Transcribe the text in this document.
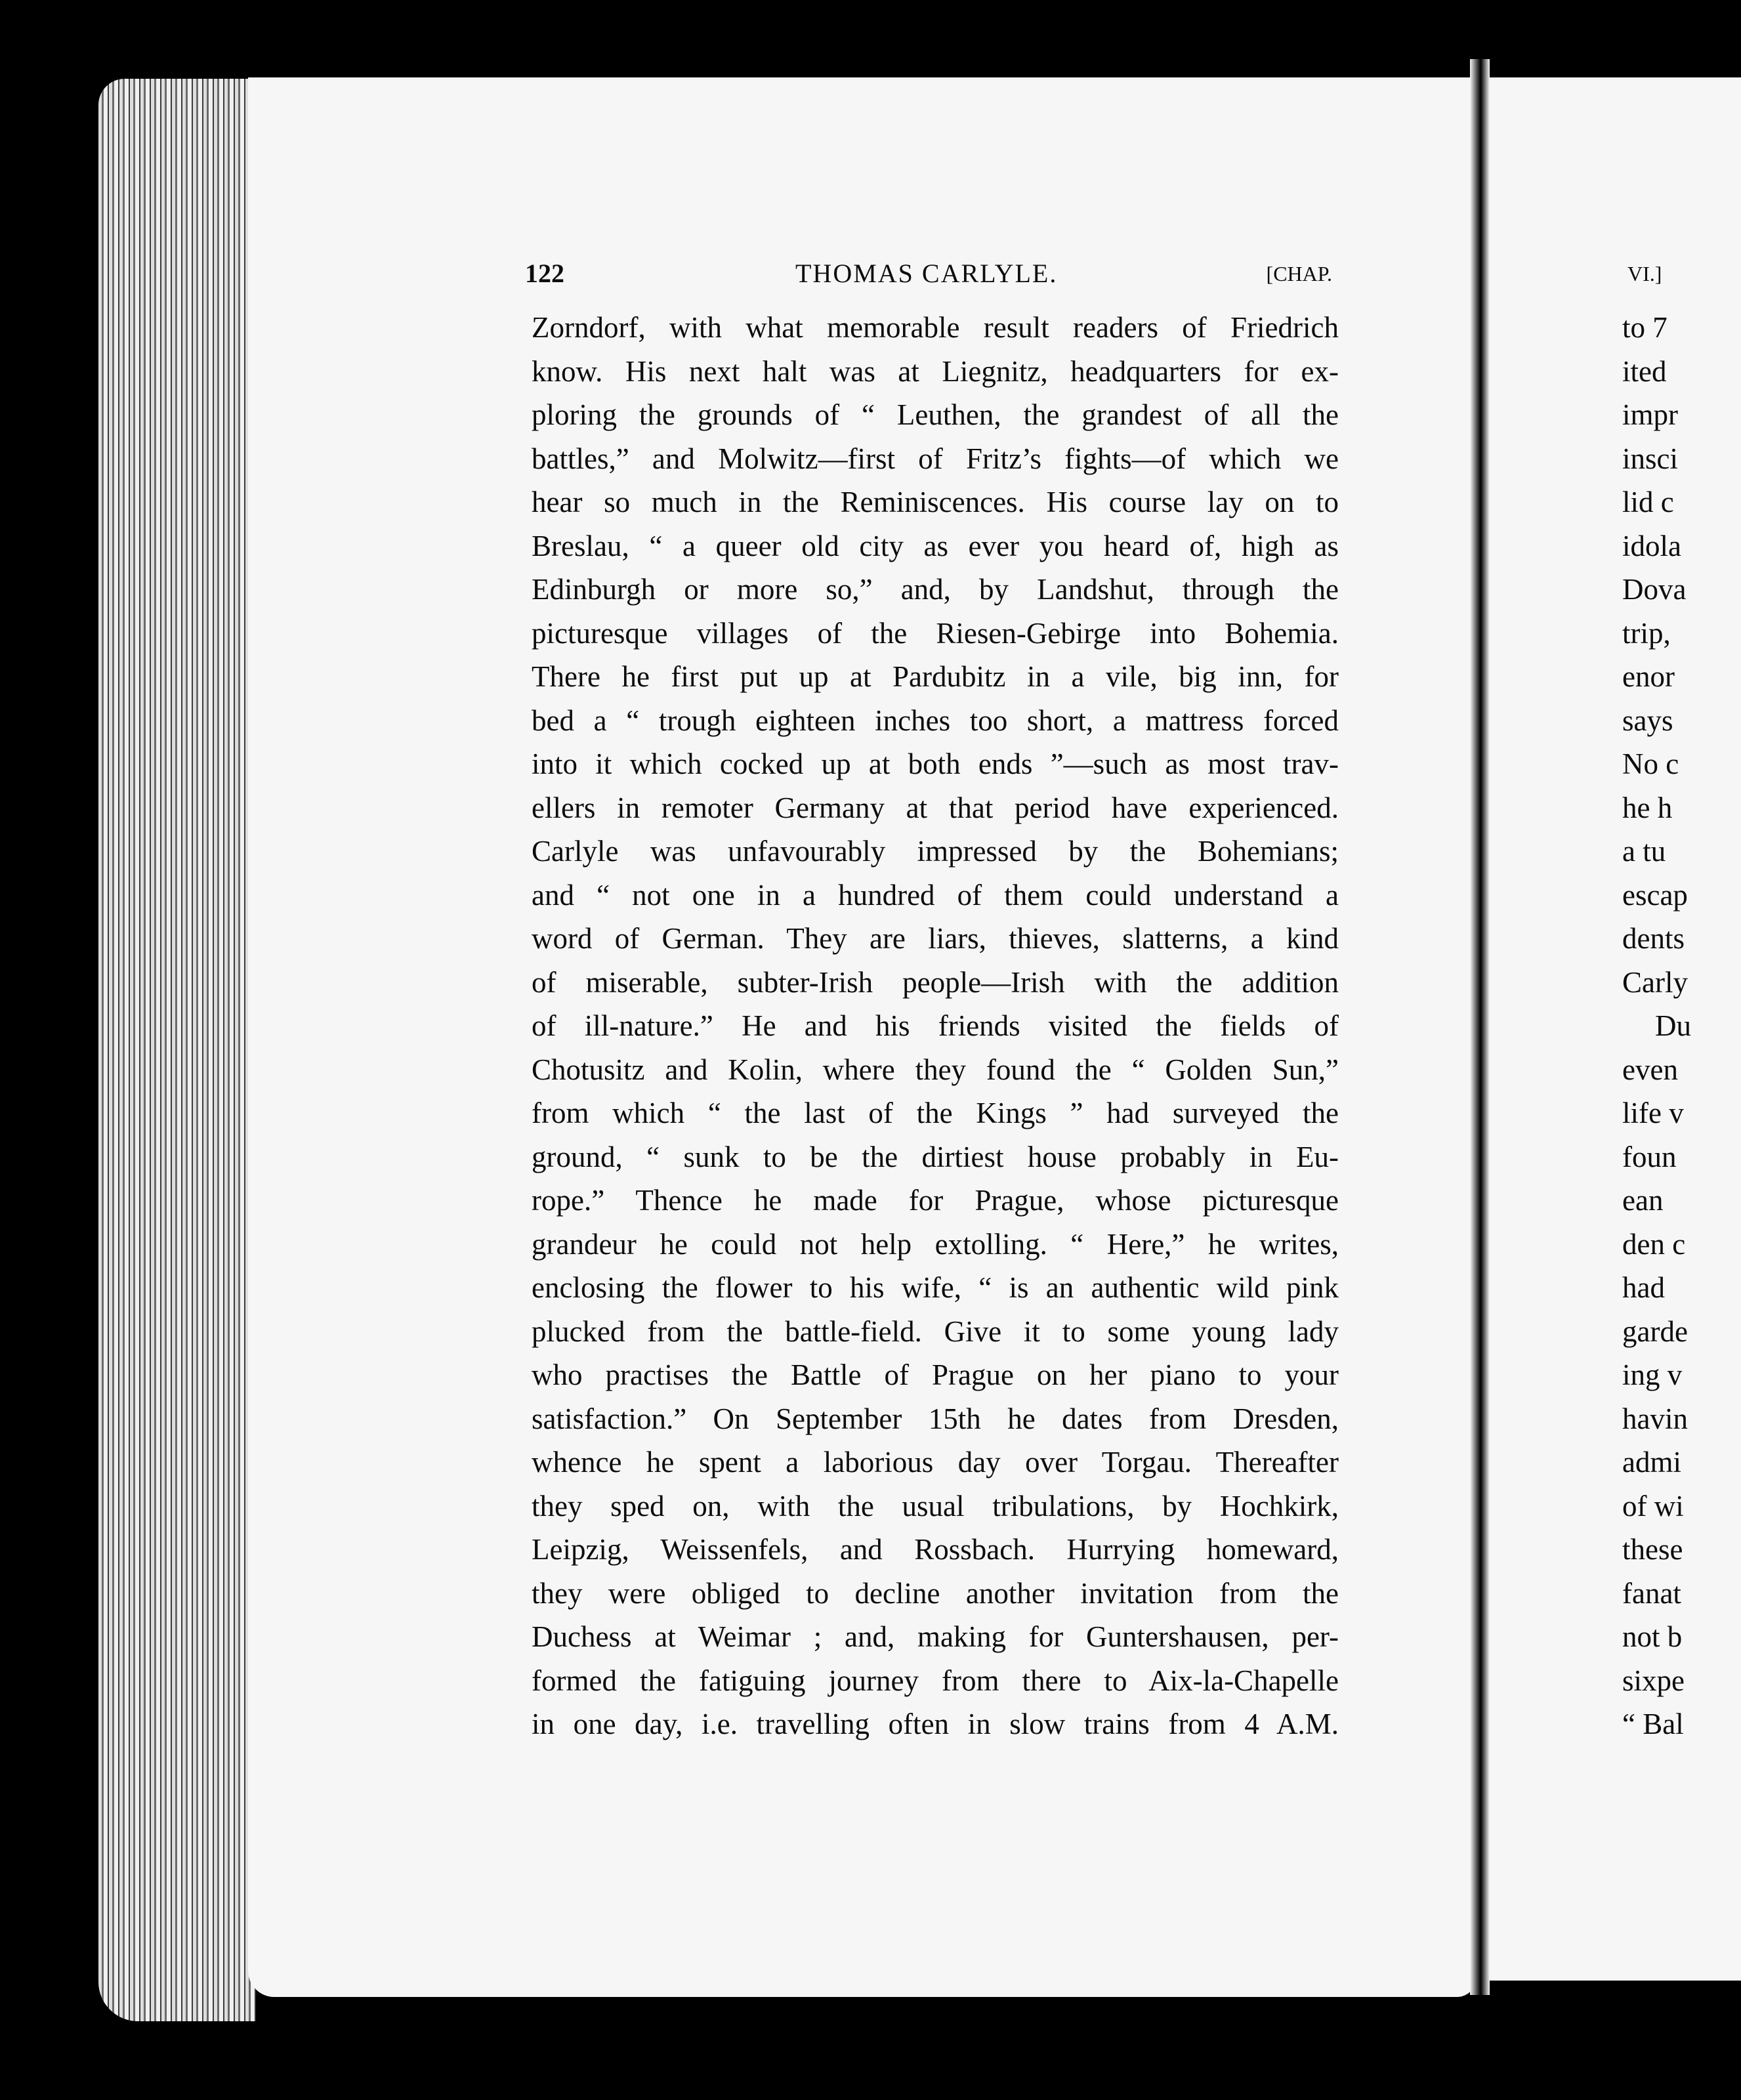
122	THOMAS CARLYLE.	[CHAP.
Zorndorf, with what memorable result readers of Friedrich
know. His next halt was at Liegnitz, headquarters for ex-
ploring the grounds of “ Leuthen, the grandest of all the
battles,” and Molwitz—first of Fritz’s fights—of which we
hear so much in the Reminiscences. His course lay on to
Breslau, “ a queer old city as ever you heard of, high as
Edinburgh or more so,” and, by Landshut, through the
picturesque villages of the Riesen-Gebirge into Bohemia.
There he first put up at Pardubitz in a vile, big inn, for
bed a “ trough eighteen inches too short, a mattress forced
into it which cocked up at both ends ”—such as most trav-
ellers in remoter Germany at that period have experienced.
Carlyle was unfavourably impressed by the Bohemians;
and “ not one in a hundred of them could understand a
word of German. They are liars, thieves, slatterns, a kind
of miserable, subter-Irish people—Irish with the addition
of ill-nature.” He and his friends visited the fields of
Chotusitz and Kolin, where they found the “ Golden Sun,”
from which “ the last of the Kings ” had surveyed the
ground, “ sunk to be the dirtiest house probably in Eu-
rope.” Thence he made for Prague, whose picturesque
grandeur he could not help extolling. “ Here,” he writes,
enclosing the flower to his wife, “ is an authentic wild pink
plucked from the battle-field. Give it to some young lady
who practises the Battle of Prague on her piano to your
satisfaction.” On September 15th he dates from Dresden,
whence he spent a laborious day over Torgau. Thereafter
they sped on, with the usual tribulations, by Hochkirk,
Leipzig, Weissenfels, and Rossbach. Hurrying homeward,
they were obliged to decline another invitation from the
Duchess at Weimar ; and, making for Guntershausen, per-
formed the fatiguing journey from there to Aix-la-Chapelle
in one day, i.e. travelling often in slow trains from 4 A.M.
VI.]
to 7
ited
impr
insci
lid c
idola
Dova
trip,
enor
says
No c
he h
a tu
escap
dents
Carly
Du
even
life v
foun
ean
den c
had
garde
ing v
havin
admi
of wi
these
fanat
not b
sixpe
“ Bal
